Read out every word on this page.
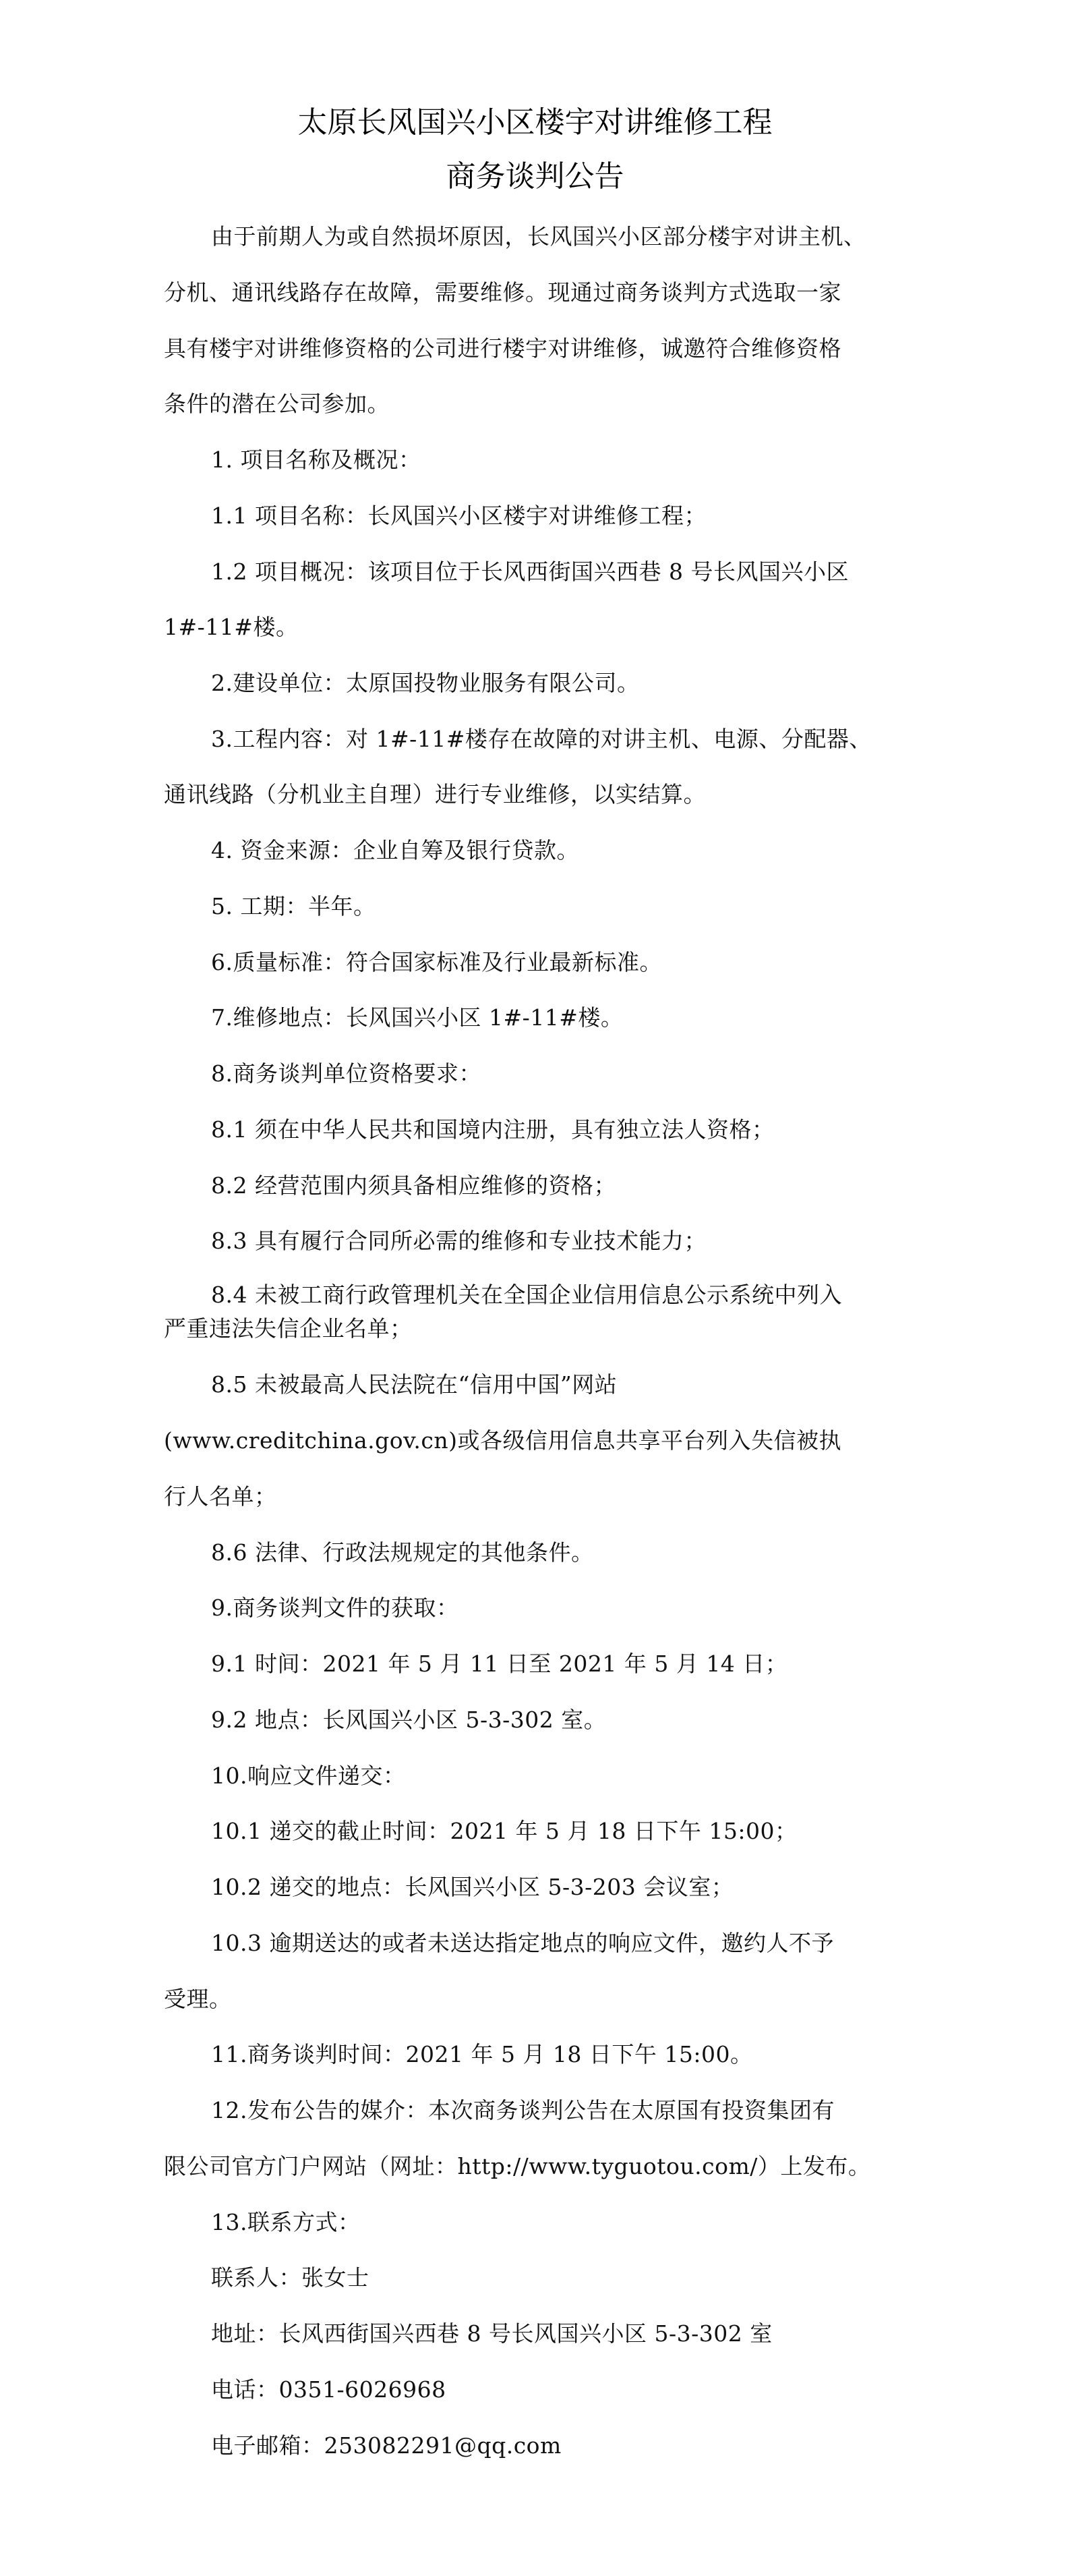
太原长风国兴小区楼宇对讲维修工程
商务谈判公告
由于前期人为或自然损坏原因，长风国兴小区部分楼宇对讲主机、
分机、通讯线路存在故障，需要维修。现通过商务谈判方式选取一家
具有楼宇对讲维修资格的公司进行楼宇对讲维修，诚邀符合维修资格
条件的潜在公司参加。
1. 项目名称及概况：
1.1 项目名称：长风国兴小区楼宇对讲维修工程；
1.2 项目概况：该项目位于长风西街国兴西巷 8 号长风国兴小区
1#-11#楼。
2.建设单位：太原国投物业服务有限公司。
3.工程内容：对 1#-11#楼存在故障的对讲主机、电源、分配器、
通讯线路（分机业主自理）进行专业维修，以实结算。
4. 资金来源：企业自筹及银行贷款。
5. 工期：半年。
6.质量标准：符合国家标准及行业最新标准。
7.维修地点：长风国兴小区 1#-11#楼。
8.商务谈判单位资格要求：
8.1 须在中华人民共和国境内注册，具有独立法人资格；
8.2 经营范围内须具备相应维修的资格；
8.3 具有履行合同所必需的维修和专业技术能力；
8.4 未被工商行政管理机关在全国企业信用信息公示系统中列入
严重违法失信企业名单；
8.5 未被最高人民法院在“信用中国”网站
(www.creditchina.gov.cn)或各级信用信息共享平台列入失信被执
行人名单；
8.6 法律、行政法规规定的其他条件。
9.商务谈判文件的获取：
9.1 时间：2021 年 5 月 11 日至 2021 年 5 月 14 日；
9.2 地点：长风国兴小区 5-3-302 室。
10.响应文件递交：
10.1 递交的截止时间：2021 年 5 月 18 日下午 15:00；
10.2 递交的地点：长风国兴小区 5-3-203 会议室；
10.3 逾期送达的或者未送达指定地点的响应文件，邀约人不予
受理。
11.商务谈判时间：2021 年 5 月 18 日下午 15:00。
12.发布公告的媒介：本次商务谈判公告在太原国有投资集团有
限公司官方门户网站（网址：http://www.tyguotou.com/）上发布。
13.联系方式：
联系人：张女士
地址：长风西街国兴西巷 8 号长风国兴小区 5-3-302 室
电话：0351-6026968
电子邮箱：253082291@qq.com
